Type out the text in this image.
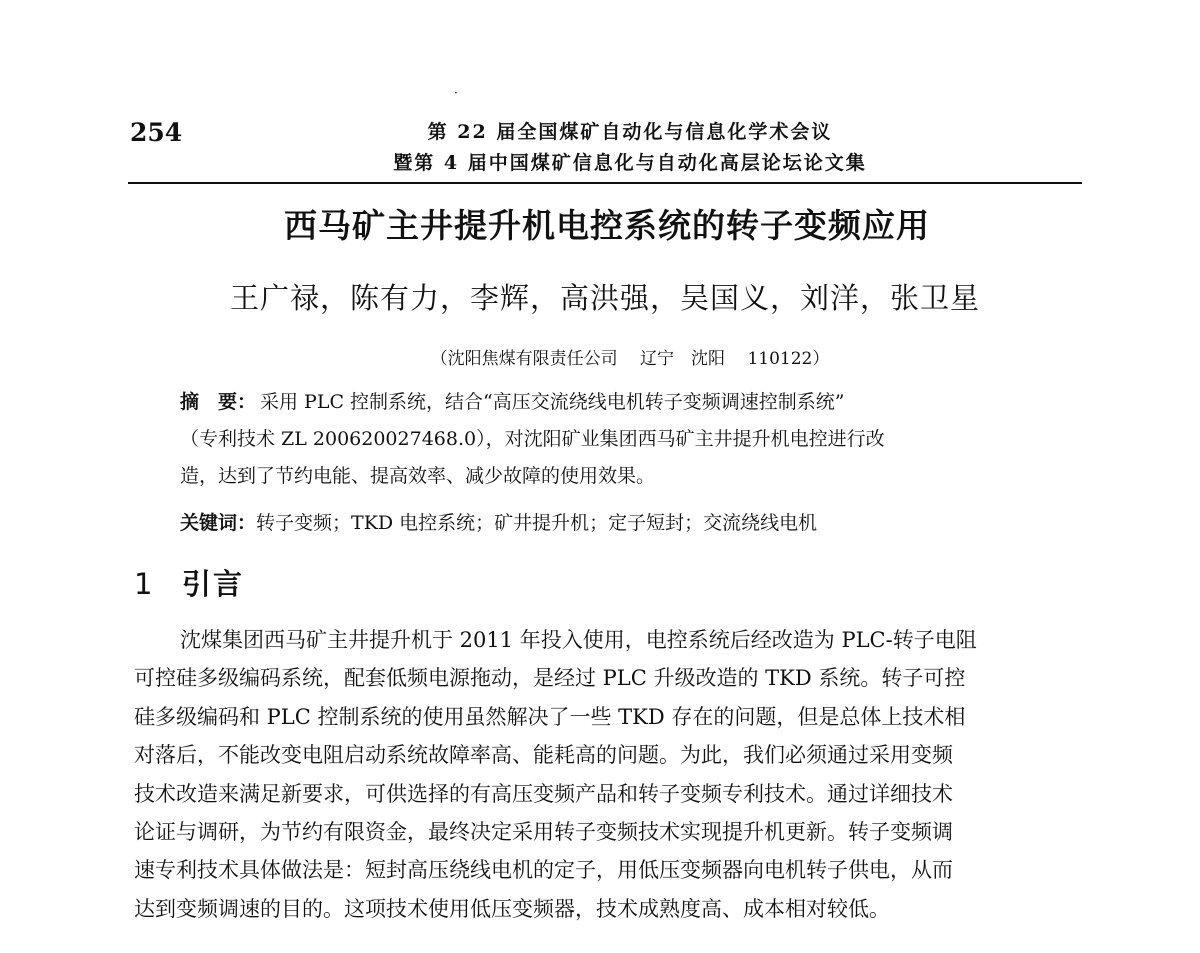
·
254	第 22 届全国煤矿自动化与信息化学术会议
暨第 4 届中国煤矿信息化与自动化高层论坛论文集
西马矿主井提升机电控系统的转子变频应用
王广禄，陈有力，李辉，高洪强，吴国义，刘洋，张卫星
（沈阳焦煤有限责任公司　 辽宁　沈阳　 110122）
摘　要： 采用 PLC 控制系统，结合“高压交流绕线电机转子变频调速控制系统”
（专利技术 ZL 200620027468.0），对沈阳矿业集团西马矿主井提升机电控进行改
造，达到了节约电能、提高效率、减少故障的使用效果。
关键词：转子变频；TKD 电控系统；矿井提升机；定子短封；交流绕线电机
1 引言
沈煤集团西马矿主井提升机于 2011 年投入使用，电控系统后经改造为 PLC-转子电阻
可控硅多级编码系统，配套低频电源拖动，是经过 PLC 升级改造的 TKD 系统。转子可控
硅多级编码和 PLC 控制系统的使用虽然解决了一些 TKD 存在的问题，但是总体上技术相
对落后，不能改变电阻启动系统故障率高、能耗高的问题。为此，我们必须通过采用变频
技术改造来满足新要求，可供选择的有高压变频产品和转子变频专利技术。通过详细技术
论证与调研，为节约有限资金，最终决定采用转子变频技术实现提升机更新。转子变频调
速专利技术具体做法是：短封高压绕线电机的定子，用低压变频器向电机转子供电，从而
达到变频调速的目的。这项技术使用低压变频器，技术成熟度高、成本相对较低。
